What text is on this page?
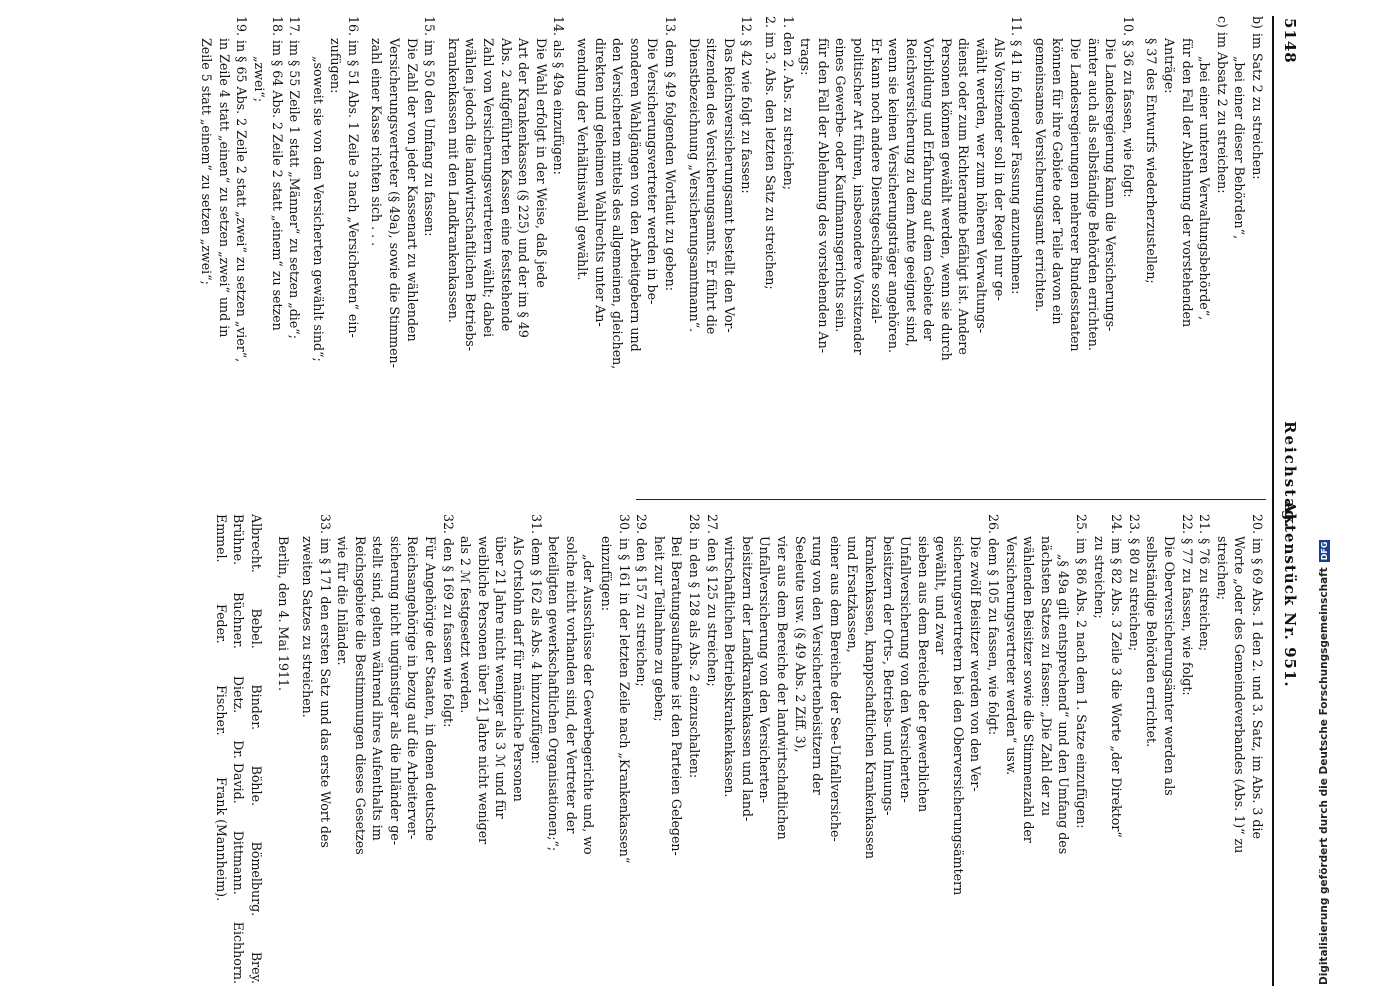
5148
Reichstag.
Aktenstück Nr. 951.
b) im Satz 2 zu streichen:
„bei einer dieser Behörden“,
c) im Absatz 2 zu streichen:
„bei einer unteren Verwaltungsbehörde“,
für den Fall der Ablehnung der vorstehenden
Anträge:
§ 37 des Entwurfs wiederherzustellen;
10. § 36 zu fassen, wie folgt:
Die Landesregierung kann die Versicherungs-
ämter auch als selbständige Behörden errichten.
Die Landesregierungen mehrerer Bundesstaaten
können für ihre Gebiete oder Teile davon ein
gemeinsames Versicherungsamt errichten.
11. § 41 in folgender Fassung anzunehmen:
Als Vorsitzender soll in der Regel nur ge-
wählt werden, wer zum höheren Verwaltungs-
dienst oder zum Richteramte befähigt ist. Andere
Personen können gewählt werden, wenn sie durch
Vorbildung und Erfahrung auf dem Gebiete der
Reichsversicherung zu dem Amte geeignet sind,
wenn sie keinen Versicherungsträger angehören.
Er kann noch andere Dienstgeschäfte sozial-
politischer Art führen, insbesondere Vorsitzender
eines Gewerbe- oder Kaufmannsgerichts sein.
für den Fall der Ablehnung des vorstehenden An-
trags:
1. den 2. Abs. zu streichen;
2. im 3. Abs. den letzten Satz zu streichen;
12. § 42 wie folgt zu fassen:
Das Reichsversicherungsamt bestellt den Vor-
sitzenden des Versicherungsamts. Er führt die
Dienstbezeichnung „Versicherungsamtmann“.
13. dem § 49 folgenden Wortlaut zu geben:
Die Versicherungsvertreter werden in be-
sonderen Wahlgängen von den Arbeitgebern und
den Versicherten mittels des allgemeinen, gleichen,
direkten und geheimen Wahlrechts unter An-
wendung der Verhältniswahl gewählt.
14. als § 49a einzufügen:
Die Wahl erfolgt in der Weise, daß jede
Art der Krankenkassen (§ 225) und der im § 49
Abs. 2 aufgeführten Kassen eine feststehende
Zahl von Versicherungsvertretern wählt; dabei
wählen jedoch die landwirtschaftlichen Betriebs-
krankenkassen mit den Landkrankenkassen.
15. im § 50 den Umfang zu fassen:
Die Zahl der von jeder Kassenart zu wählenden
Versicherungsvertreter (§ 49a), sowie die Stimmen-
zahl einer Kasse richten sich . . .
16. im § 51 Abs. 1 Zeile 3 nach „Versicherten“ ein-
zufügen:
„soweit sie von den Versicherten gewählt sind“;
17. im § 55 Zeile 1 statt „Männer“ zu setzen „die“;
18. im § 64 Abs. 2 Zeile 2 statt „einem“ zu setzen
„zwei“;
19. in § 65 Abs. 2 Zeile 2 statt „zwei“ zu setzen „vier“,
in Zeile 4 statt „einen“ zu setzen „zwei“ und in
Zeile 5 statt „einem“ zu setzen „zwei“;
20. im § 69 Abs. 1 den 2. und 3. Satz, im Abs. 3 die
Worte „oder des Gemeindeverbandes (Abs. 1)“ zu
streichen;
21. § 76 zu streichen;
22. § 77 zu fassen, wie folgt:
Die Oberversicherungsämter werden als
selbständige Behörden errichtet.
23. § 80 zu streichen;
24. im § 82 Abs. 3 Zeile 3 die Worte „der Direktor“
zu streichen;
25. im § 86 Abs. 2 nach dem 1. Satze einzufügen:
„§ 49a gilt entsprechend“ und den Umfang des
nächsten Satzes zu fassen: „Die Zahl der zu
wählenden Beisitzer sowie die Stimmenzahl der
Versicherungsvertreter werden“ usw.
26. dem § 105 zu fassen, wie folgt:
Die zwölf Beisitzer werden von den Ver-
sicherungsvertretern bei den Oberversicherungsämtern
gewählt, und zwar
sieben aus dem Bereiche der gewerblichen
Unfallversicherung von den Versicherten-
beisitzern der Orts-, Betriebs- und Innungs-
krankenkassen, knappschaftlichen Krankenkassen
und Ersatzkassen,
einer aus dem Bereiche der See-Unfallversiche-
rung von den Versichertenbeisitzern der
Seeleute usw. (§ 49 Abs. 2 Ziff. 3),
vier aus dem Bereiche der landwirtschaftlichen
Unfallversicherung von den Versicherten-
beisitzern der Landkrankenkassen und land-
wirtschaftlichen Betriebskrankenkassen.
27. den § 125 zu streichen;
28. in den § 128 als Abs. 2 einzuschalten:
Bei Beratungsaufnahme ist den Parteien Gelegen-
heit zur Teilnahme zu geben;
29. den § 157 zu streichen;
30. in § 161 in der letzten Zeile nach „Krankenkassen“
einzufügen:
„der Ausschüsse der Gewerbegerichte und, wo
solche nicht vorhanden sind, der Vertreter der
beteiligten gewerkschaftlichen Organisationen;“;
31. dem § 162 als Abs. 4 hinzuzufügen:
Als Ortslohn darf für männliche Personen
über 21 Jahre nicht weniger als 3 ℳ und für
weibliche Personen über 21 Jahre nicht weniger
als 2 ℳ festgesetzt werden.
32. den § 169 zu fassen wie folgt:
Für Angehörige der Staaten, in denen deutsche
Reichsangehörige in bezug auf die Arbeiterver-
sicherung nicht ungünstiger als die Inländer ge-
stellt sind, gelten während ihres Aufenthalts im
Reichsgebiete die Bestimmungen dieses Gesetzes
wie für die Inländer.
33. im § 171 den ersten Satz und das erste Wort des
zweiten Satzes zu streichen.
Berlin, den 4. Mai 1911.
Albrecht.
Bebel.
Binder.
Böhle.
Bömelburg.
Brey.
Brühne.
Büchner.
Dietz.
Dr. David.
Dittmann.
Eichhorn.
Emmel.
Feder.
Fischer.
Frank (Mannheim).	Digitalisierung gefördert durch die Deutsche Forschungsgemeinschaft
DFG
